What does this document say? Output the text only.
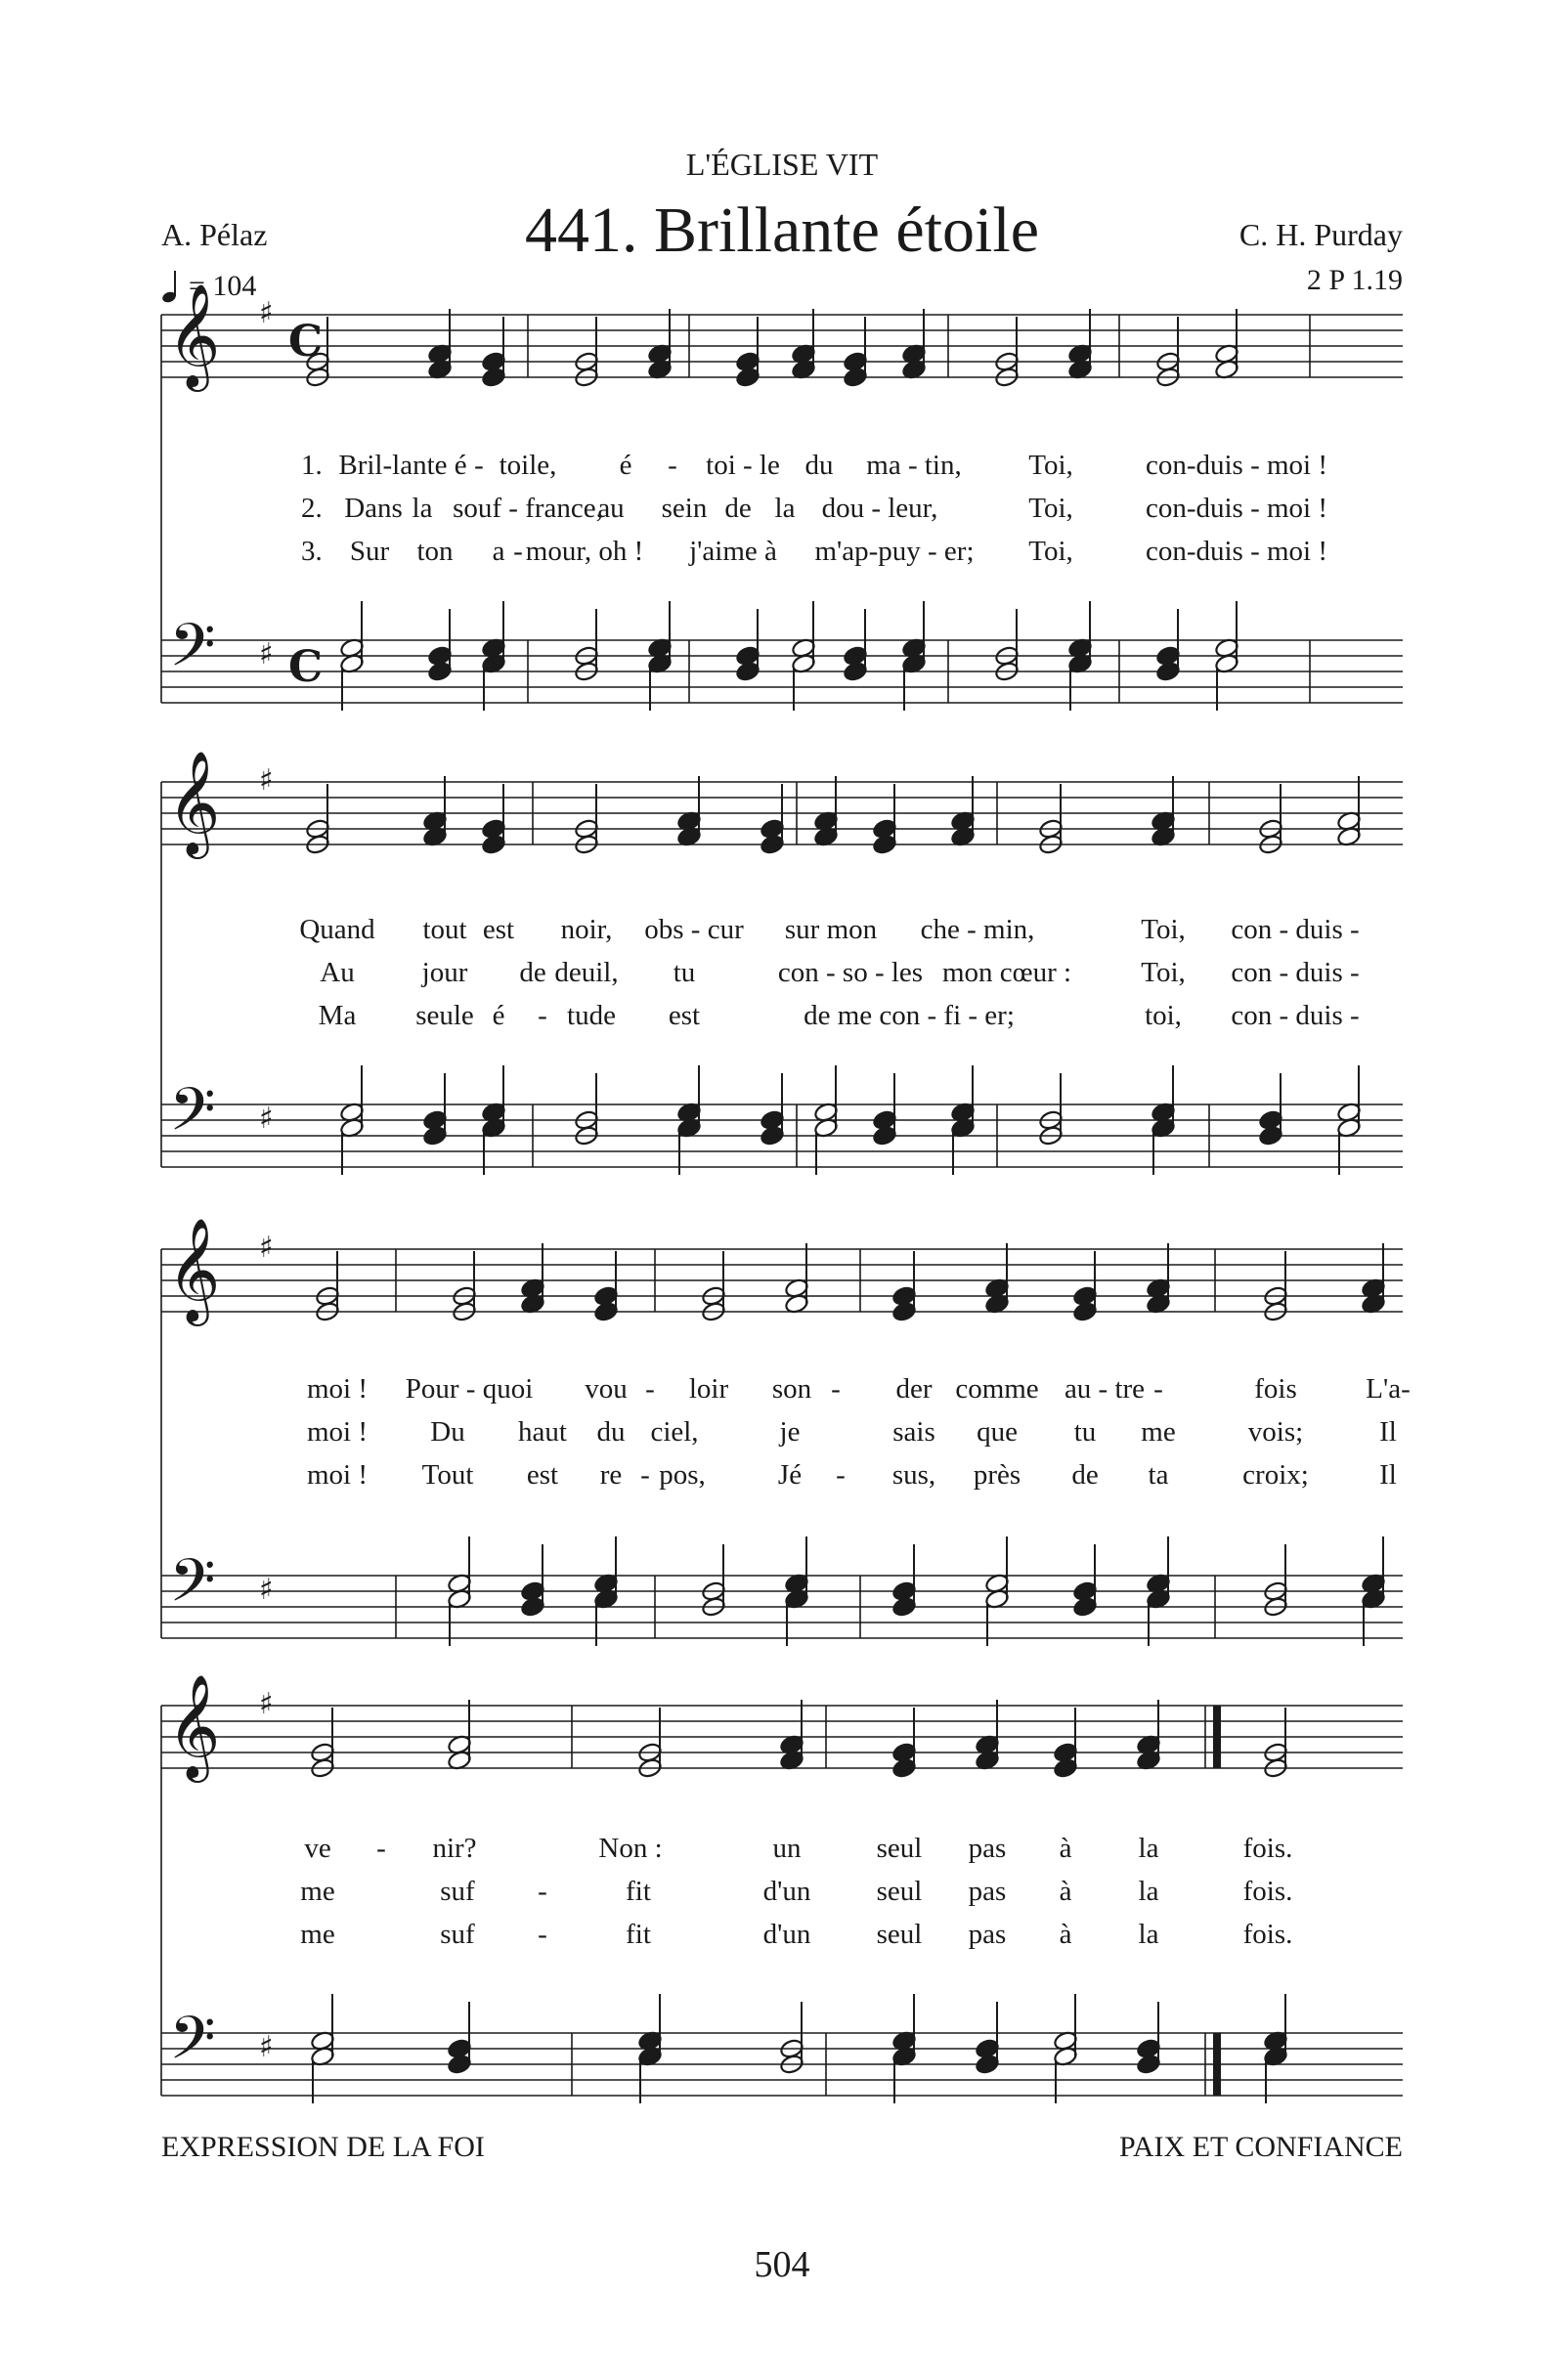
L'ÉGLISE VIT
441. Brillante étoile
A. Pélaz	C. H. Purday
2 P 1.19
= 104
𝄞
𝄢
♯
♯
C
C
𝄞
𝄢
♯
♯
𝄞
𝄢
♯
♯
𝄞
𝄢
♯
♯
1. Bril-lante é - toile, é - toi - le du ma - tin, Toi,	con-duis - moi !
2. Dans la souf - france,
au sein de la dou - leur,	Toi,	con-duis - moi !
3. Sur ton a - mour, oh ! j'aime à m'ap-puy - er; Toi,	con-duis - moi !
Quand tout est noir, obs - cur sur mon che - min,	Toi, con - duis -
Au jour de deuil, tu	con - so - les mon cœur : Toi, con - duis -
Ma seule é - tude est	de me con - fi - er;	toi, con - duis -
moi ! Pour - quoi vou - loir son - der comme au - tre -	fois L'a-
moi ! Du haut du ciel,	je	sais que tu me	vois;	Il
moi ! Tout est re - pos,	Jé - sus, près de ta	croix; Il
ve - nir?	Non :	un	seul pas à la	fois.
me	suf -	fit	d'un seul pas à la	fois.
me	suf -	fit	d'un seul pas à la	fois.
EXPRESSION DE LA FOI	PAIX ET CONFIANCE
504
